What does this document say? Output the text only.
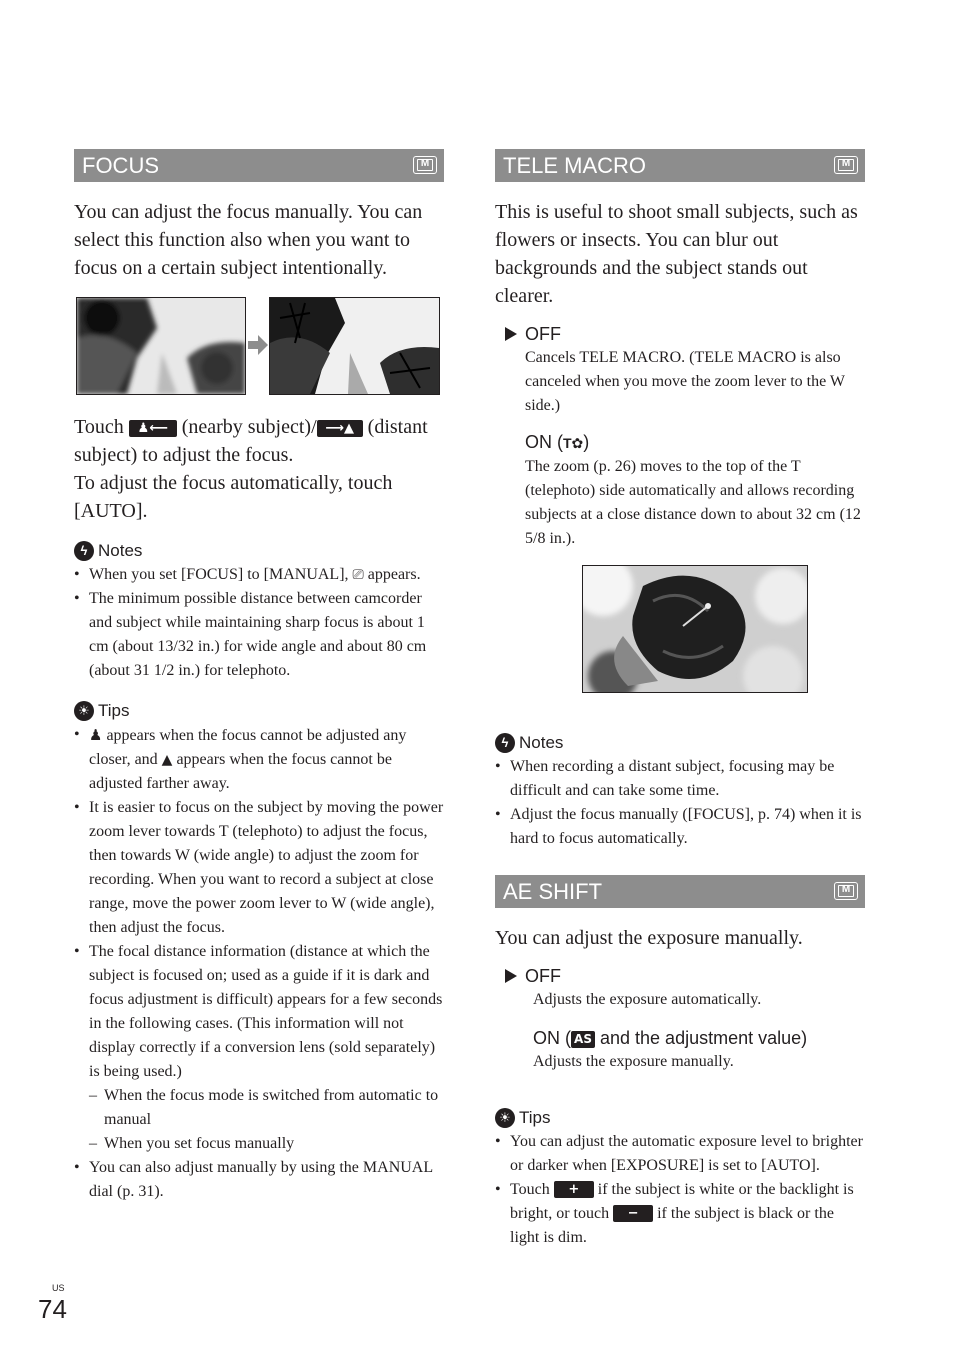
FOCUS	M

You can adjust the focus manually. You can select this function also when you want to focus on a certain subject intentionally.

Touch ♟⟵ (nearby subject)/ ⟶▲ (distant subject) to adjust the focus.
To adjust the focus automatically, touch [AUTO].

ϟ Notes
• When you set [FOCUS] to [MANUAL], ⎚ appears.
• The minimum possible distance between camcorder and subject while maintaining sharp focus is about 1 cm (about 13/32 in.) for wide angle and about 80 cm (about 31 1/2 in.) for telephoto.
☀ Tips
• ♟ appears when the focus cannot be adjusted any closer, and ▲ appears when the focus cannot be adjusted farther away.
• It is easier to focus on the subject by moving the power zoom lever towards T (telephoto) to adjust the focus, then towards W (wide angle) to adjust the zoom for recording. When you want to record a subject at close range, move the power zoom lever to W (wide angle), then adjust the focus.
• The focal distance information (distance at which the subject is focused on; used as a guide if it is dark and focus adjustment is difficult) appears for a few seconds in the following cases. (This information will not display correctly if a conversion lens (sold separately) is being used.)
– When the focus mode is switched from automatic to manual
– When you set focus manually
• You can also adjust manually by using the MANUAL dial (p. 31).
TELE MACRO	M

This is useful to shoot small subjects, such as flowers or insects. You can blur out backgrounds and the subject stands out clearer.

OFF
Cancels TELE MACRO. (TELE MACRO is also canceled when you move the zoom lever to the W side.)
ON (T✿)
The zoom (p. 26) moves to the top of the T (telephoto) side automatically and allows recording subjects at a close distance down to about 32 cm (12 5/8 in.).
ϟ Notes
• When recording a distant subject, focusing may be difficult and can take some time.
• Adjust the focus manually ([FOCUS], p. 74) when it is hard to focus automatically.
AE SHIFT	M

You can adjust the exposure manually.

OFF
Adjusts the exposure automatically.
ON ( AS and the adjustment value)
Adjusts the exposure manually.
☀ Tips
• You can adjust the automatic exposure level to brighter or darker when [EXPOSURE] is set to [AUTO].
• Touch + if the subject is white or the backlight is bright, or touch − if the subject is black or the light is dim.
US
74
